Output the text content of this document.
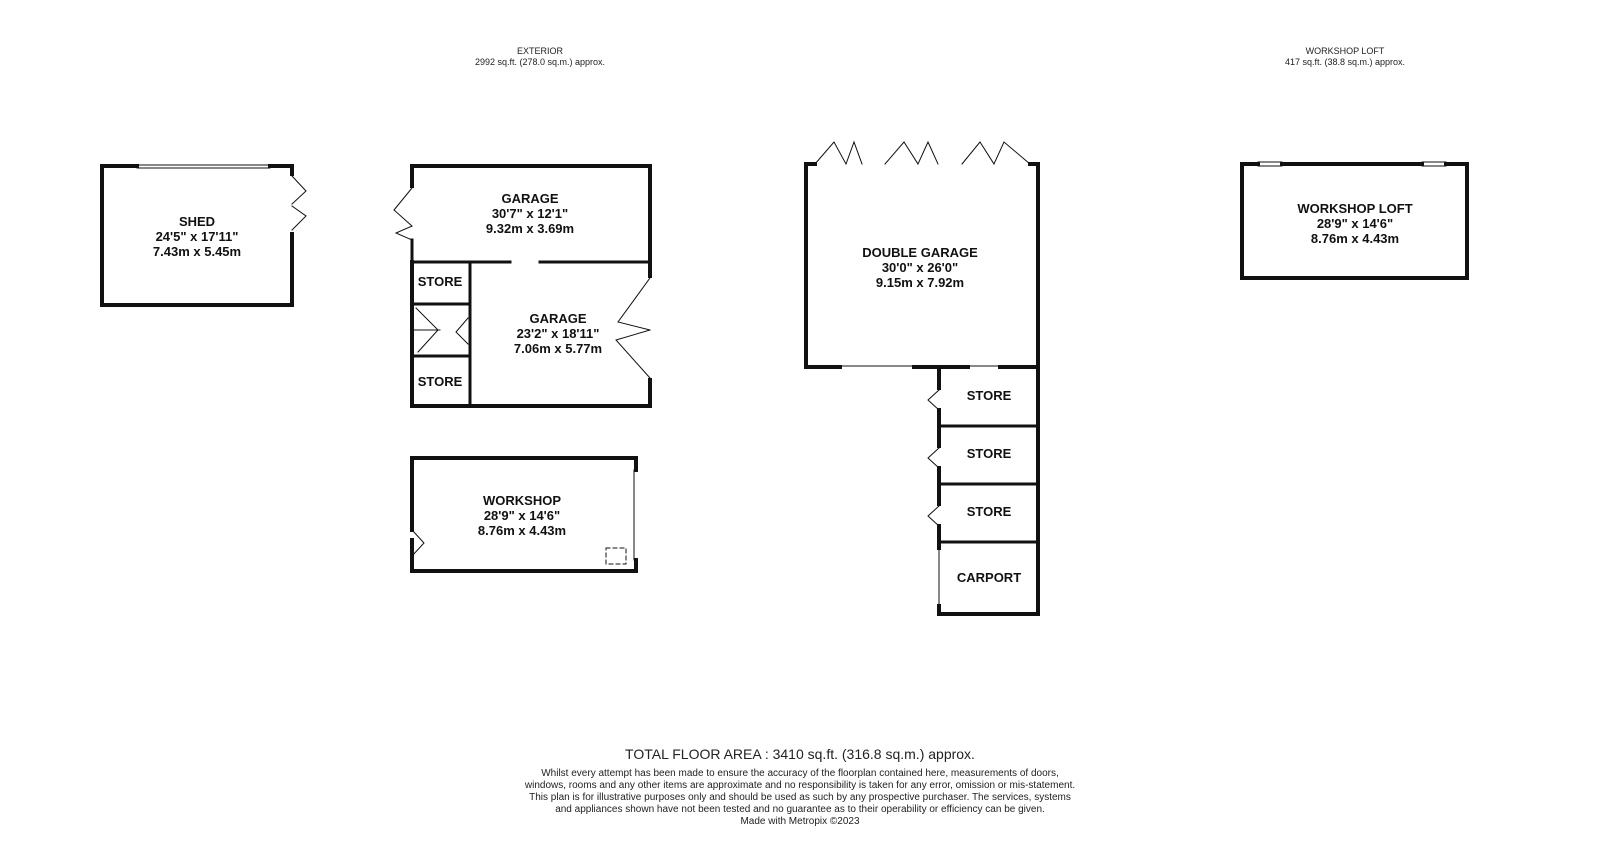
EXTERIOR
2992 sq.ft. (278.0 sq.m.) approx.
WORKSHOP LOFT
417 sq.ft. (38.8 sq.m.) approx.
SHED
24'5" x 17'11"
7.43m x 5.45m
GARAGE
30'7" x 12'1"
9.32m x 3.69m
GARAGE
23'2" x 18'11"
7.06m x 5.77m
STORE
STORE
WORKSHOP
28'9" x 14'6"
8.76m x 4.43m
DOUBLE GARAGE
30'0" x 26'0"
9.15m x 7.92m
STORE
STORE
STORE
CARPORT
WORKSHOP LOFT
28'9" x 14'6"
8.76m x 4.43m
TOTAL FLOOR AREA : 3410 sq.ft. (316.8 sq.m.) approx.
Whilst every attempt has been made to ensure the accuracy of the floorplan contained here, measurements of doors, windows, rooms and any other items are approximate and no responsibility is taken for any error, omission or mis-statement. This plan is for illustrative purposes only and should be used as such by any prospective purchaser. The services, systems and appliances shown have not been tested and no guarantee as to their operability or efficiency can be given.
Made with Metropix ©2023
